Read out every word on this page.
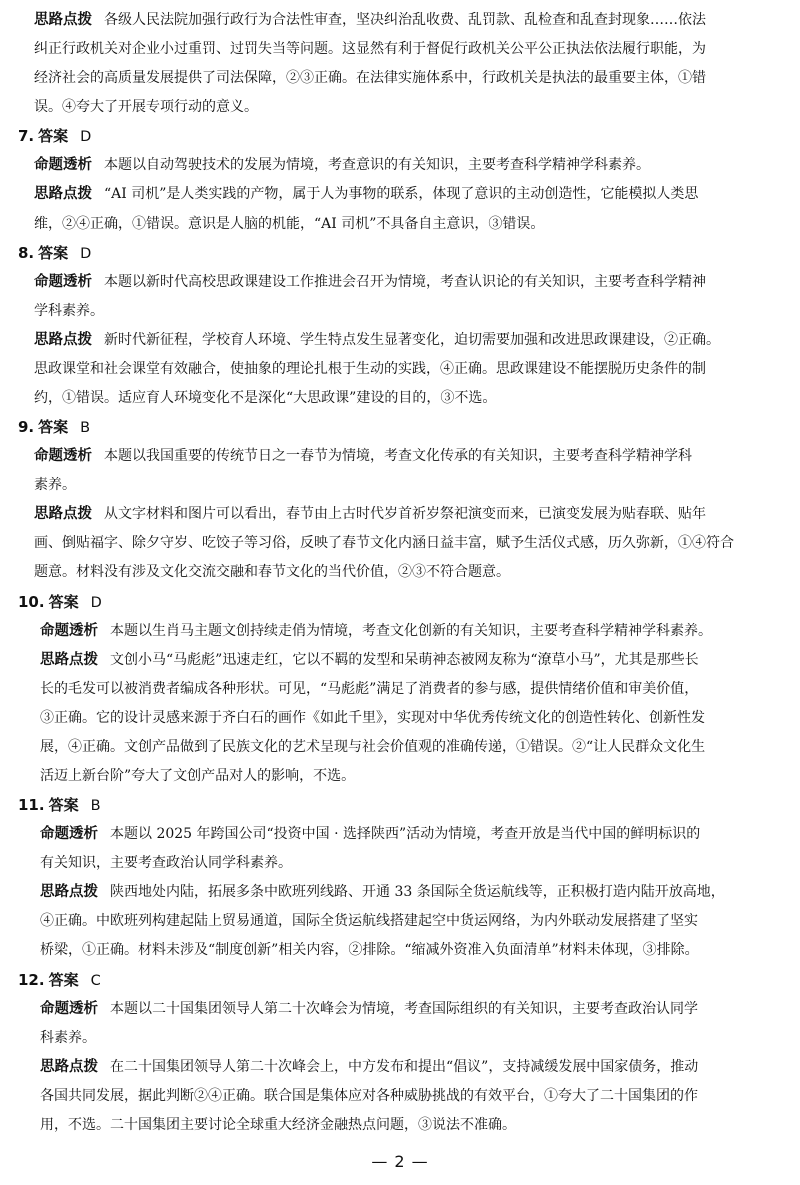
思路点拨 各级人民法院加强行政行为合法性审查，坚决纠治乱收费、乱罚款、乱检查和乱查封现象……依法
纠正行政机关对企业小过重罚、过罚失当等问题。这显然有利于督促行政机关公平公正执法依法履行职能，为
经济社会的高质量发展提供了司法保障，②③正确。在法律实施体系中，行政机关是执法的最重要主体，①错
误。④夸大了开展专项行动的意义。
7. 答案 D
命题透析 本题以自动驾驶技术的发展为情境，考查意识的有关知识，主要考查科学精神学科素养。
思路点拨 “AI 司机”是人类实践的产物，属于人为事物的联系，体现了意识的主动创造性，它能模拟人类思
维，②④正确，①错误。意识是人脑的机能，“AI 司机”不具备自主意识，③错误。
8. 答案 D
命题透析 本题以新时代高校思政课建设工作推进会召开为情境，考查认识论的有关知识，主要考查科学精神
学科素养。
思路点拨 新时代新征程，学校育人环境、学生特点发生显著变化，迫切需要加强和改进思政课建设，②正确。
思政课堂和社会课堂有效融合，使抽象的理论扎根于生动的实践，④正确。思政课建设不能摆脱历史条件的制
约，①错误。适应育人环境变化不是深化“大思政课”建设的目的，③不选。
9. 答案 B
命题透析 本题以我国重要的传统节日之一春节为情境，考查文化传承的有关知识，主要考查科学精神学科
素养。
思路点拨 从文字材料和图片可以看出，春节由上古时代岁首祈岁祭祀演变而来，已演变发展为贴春联、贴年
画、倒贴福字、除夕守岁、吃饺子等习俗，反映了春节文化内涵日益丰富，赋予生活仪式感，历久弥新，①④符合
题意。材料没有涉及文化交流交融和春节文化的当代价值，②③不符合题意。
10. 答案 D
命题透析 本题以生肖马主题文创持续走俏为情境，考查文化创新的有关知识，主要考查科学精神学科素养。
思路点拨 文创小马“马彪彪”迅速走红，它以不羁的发型和呆萌神态被网友称为“潦草小马”，尤其是那些长
长的毛发可以被消费者编成各种形状。可见，“马彪彪”满足了消费者的参与感，提供情绪价值和审美价值，
③正确。它的设计灵感来源于齐白石的画作《如此千里》，实现对中华优秀传统文化的创造性转化、创新性发
展，④正确。文创产品做到了民族文化的艺术呈现与社会价值观的准确传递，①错误。②“让人民群众文化生
活迈上新台阶”夸大了文创产品对人的影响，不选。
11. 答案 B
命题透析 本题以 2025 年跨国公司“投资中国 · 选择陕西”活动为情境，考查开放是当代中国的鲜明标识的
有关知识，主要考查政治认同学科素养。
思路点拨 陕西地处内陆，拓展多条中欧班列线路、开通 33 条国际全货运航线等，正积极打造内陆开放高地，
④正确。中欧班列构建起陆上贸易通道，国际全货运航线搭建起空中货运网络，为内外联动发展搭建了坚实
桥梁，①正确。材料未涉及“制度创新”相关内容，②排除。“缩减外资准入负面清单”材料未体现，③排除。
12. 答案 C
命题透析 本题以二十国集团领导人第二十次峰会为情境，考查国际组织的有关知识，主要考查政治认同学
科素养。
思路点拨 在二十国集团领导人第二十次峰会上，中方发布和提出“倡议”，支持减缓发展中国家债务，推动
各国共同发展，据此判断②④正确。联合国是集体应对各种威胁挑战的有效平台，①夸大了二十国集团的作
用，不选。二十国集团主要讨论全球重大经济金融热点问题，③说法不准确。
— 2 —
